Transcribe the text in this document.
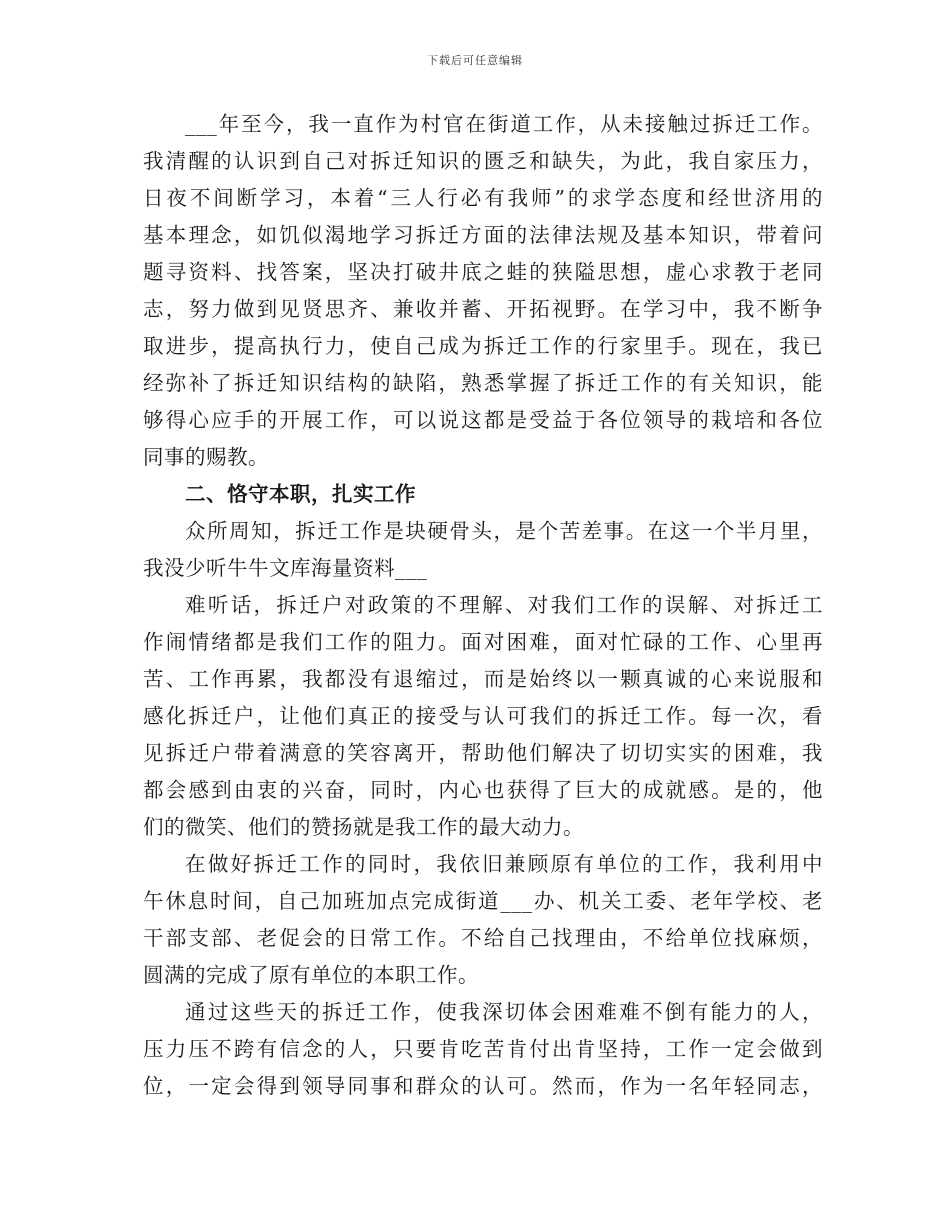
下载后可任意编辑
___年至今，我一直作为村官在街道工作，从未接触过拆迁工作。
我清醒的认识到自己对拆迁知识的匮乏和缺失，为此，我自家压力，
日夜不间断学习，本着“三人行必有我师”的求学态度和经世济用的
基本理念，如饥似渴地学习拆迁方面的法律法规及基本知识，带着问
题寻资料、找答案，坚决打破井底之蛙的狭隘思想，虚心求教于老同
志，努力做到见贤思齐、兼收并蓄、开拓视野。在学习中，我不断争
取进步，提高执行力，使自己成为拆迁工作的行家里手。现在，我已
经弥补了拆迁知识结构的缺陷，熟悉掌握了拆迁工作的有关知识，能
够得心应手的开展工作，可以说这都是受益于各位领导的栽培和各位
同事的赐教。
二、恪守本职，扎实工作
众所周知，拆迁工作是块硬骨头，是个苦差事。在这一个半月里，
我没少听牛牛文库海量资料___
难听话，拆迁户对政策的不理解、对我们工作的误解、对拆迁工
作闹情绪都是我们工作的阻力。面对困难，面对忙碌的工作、心里再
苦、工作再累，我都没有退缩过，而是始终以一颗真诚的心来说服和
感化拆迁户，让他们真正的接受与认可我们的拆迁工作。每一次，看
见拆迁户带着满意的笑容离开，帮助他们解决了切切实实的困难，我
都会感到由衷的兴奋，同时，内心也获得了巨大的成就感。是的，他
们的微笑、他们的赞扬就是我工作的最大动力。
在做好拆迁工作的同时，我依旧兼顾原有单位的工作，我利用中
午休息时间，自己加班加点完成街道___办、机关工委、老年学校、老
干部支部、老促会的日常工作。不给自己找理由，不给单位找麻烦，
圆满的完成了原有单位的本职工作。
通过这些天的拆迁工作，使我深切体会困难难不倒有能力的人，
压力压不跨有信念的人，只要肯吃苦肯付出肯坚持，工作一定会做到
位，一定会得到领导同事和群众的认可。然而，作为一名年轻同志，
